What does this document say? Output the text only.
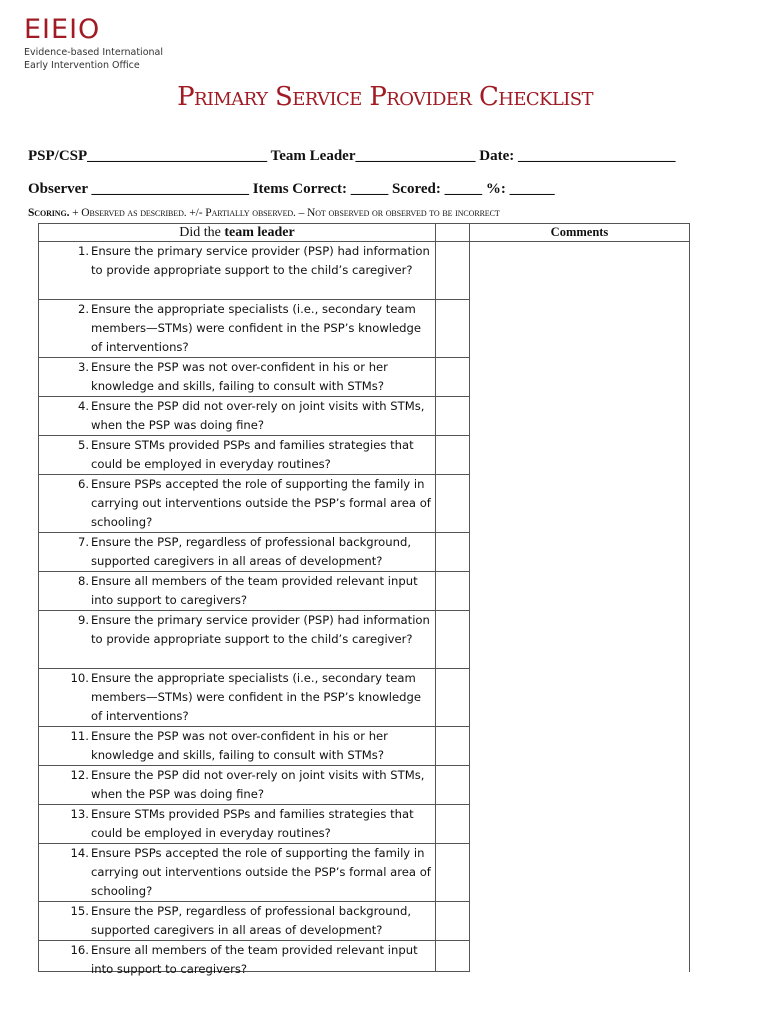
EIEIO
Evidence-based International
Early Intervention Office
Primary Service Provider Checklist
PSP/CSP________________________ Team Leader________________ Date: _____________________
Observer _____________________ Items Correct: _____ Scored: _____ %: ______
Scoring. + Observed as described. +/- Partially observed. – Not observed or observed to be incorrect
Did the team leader
1. Ensure the primary service provider (PSP) had information to provide appropriate support to the child’s caregiver?
2. Ensure the appropriate specialists (i.e., secondary team members—STMs) were confident in the PSP’s knowledge of interventions?
3. Ensure the PSP was not over-confident in his or her knowledge and skills, failing to consult with STMs?
4. Ensure the PSP did not over-rely on joint visits with STMs, when the PSP was doing fine?
5. Ensure STMs provided PSPs and families strategies that could be employed in everyday routines?
6. Ensure PSPs accepted the role of supporting the family in carrying out interventions outside the PSP’s formal area of schooling?
7. Ensure the PSP, regardless of professional background, supported caregivers in all areas of development?
8. Ensure all members of the team provided relevant input into support to caregivers?
9. Ensure the primary service provider (PSP) had information to provide appropriate support to the child’s caregiver?
10. Ensure the appropriate specialists (i.e., secondary team members—STMs) were confident in the PSP’s knowledge of interventions?
11. Ensure the PSP was not over-confident in his or her knowledge and skills, failing to consult with STMs?
12. Ensure the PSP did not over-rely on joint visits with STMs, when the PSP was doing fine?
13. Ensure STMs provided PSPs and families strategies that could be employed in everyday routines?
14. Ensure PSPs accepted the role of supporting the family in carrying out interventions outside the PSP’s formal area of schooling?
15. Ensure the PSP, regardless of professional background, supported caregivers in all areas of development?
16. Ensure all members of the team provided relevant input into support to caregivers?
Comments
